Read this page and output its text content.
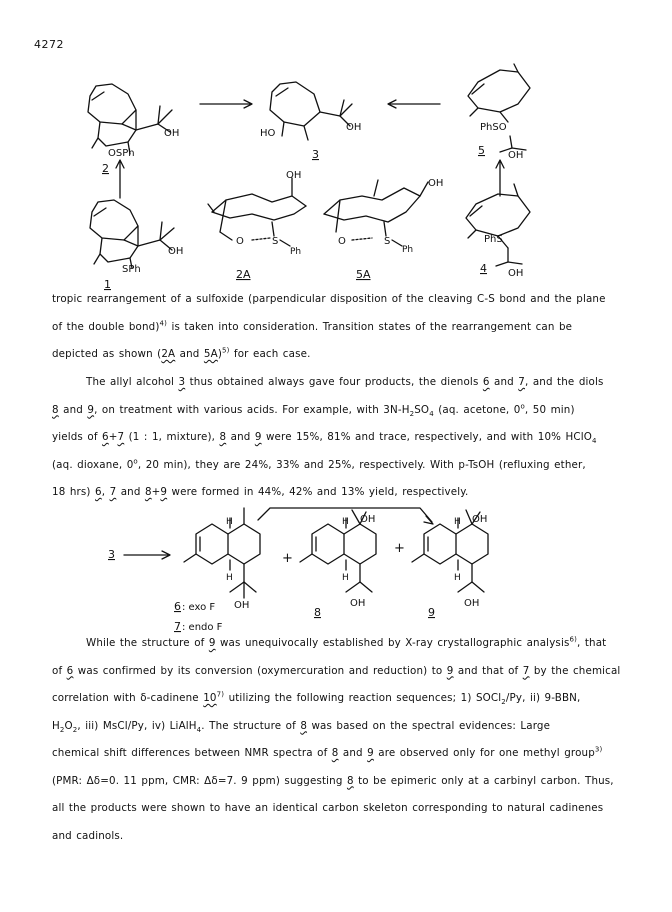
4272
OH
OSPh
2
HO
OH
3
PhSO
OH
5
OH
SPh
1
OH
O	S
Ph
2A
OH
O	S
Ph
5A
PhS
OH
4
3
H
H
OH
+
H OH
H
OH
+
H OH
H
OH
6 : exo F
7 : endo F
8	9

tropic rearrangement of a sulfoxide (parpendicular disposition of the cleaving C-S bond and the plane

of the double bond)$^{4)}$ is taken into consideration. Transition states of the rearrangement can be

depicted as shown (2A and 5A)$^{5)}$ for each case.

The allyl alcohol 3 thus obtained always gave four products, the dienols 6 and 7, and the diols

8 and 9, on treatment with various acids. For example, with $3N-H_2SO_4$ (aq. acetone, 0$^o$, 50 min)

yields of 6+7 (1 : 1, mixture), 8 and 9 were 15%, 81% and trace, respectively, and with 10% HClO$_4$

(aq. dioxane, 0$^o$, 20 min), they are 24%, 33% and 25%, respectively. With p-TsOH (refluxing ether,

18 hrs) 6, 7 and 8+9 were formed in 44%, 42% and 13% yield, respectively.

While the structure of 9 was unequivocally established by X-ray crystallographic analysis$^{6)}$, that

of 6 was confirmed by its conversion (oxymercuration and reduction) to 9 and that of 7 by the chemical

correlation with δ-cadinene 10$^{7)}$ utilizing the following reaction sequences; 1) SOCl$_2$/Py, ii) 9-BBN,

$H_2O_2$, iii) MsCl/Py, iv) LiAlH$_4$. The structure of 8 was based on the spectral evidences: Large

chemical shift differences between NMR spectra of 8 and 9 are observed only for one methyl group$^{3)}$

(PMR: Δδ=0. 11 ppm, CMR: Δδ=7. 9 ppm) suggesting 8 to be epimeric only at a carbinyl carbon. Thus,

all the products were shown to have an identical carbon skeleton corresponding to natural cadinenes

and cadinols.
